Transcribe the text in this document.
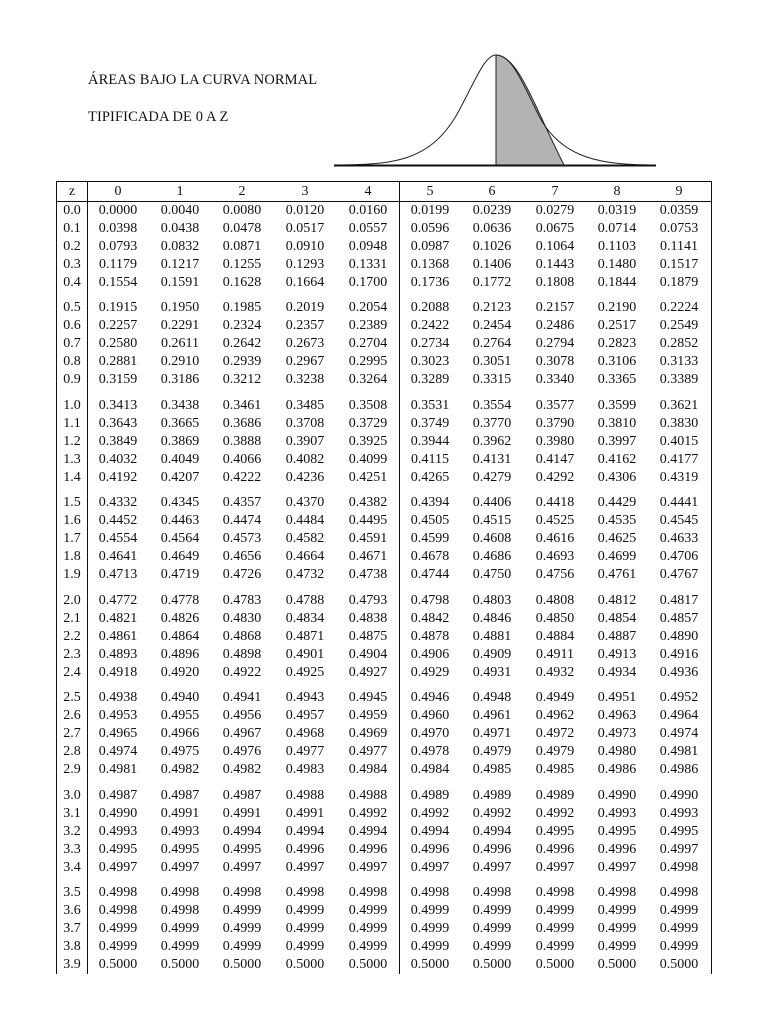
ÁREAS BAJO LA CURVA NORMAL
TIPIFICADA DE 0 A Z
z	0	1	2	3	4	5	6	7	8	9
0.0	0.0000	0.0040	0.0080	0.0120	0.0160	0.0199	0.0239	0.0279	0.0319	0.0359
0.1	0.0398	0.0438	0.0478	0.0517	0.0557	0.0596	0.0636	0.0675	0.0714	0.0753
0.2	0.0793	0.0832	0.0871	0.0910	0.0948	0.0987	0.1026	0.1064	0.1103	0.1141
0.3	0.1179	0.1217	0.1255	0.1293	0.1331	0.1368	0.1406	0.1443	0.1480	0.1517
0.4	0.1554	0.1591	0.1628	0.1664	0.1700	0.1736	0.1772	0.1808	0.1844	0.1879
0.5	0.1915	0.1950	0.1985	0.2019	0.2054	0.2088	0.2123	0.2157	0.2190	0.2224
0.6	0.2257	0.2291	0.2324	0.2357	0.2389	0.2422	0.2454	0.2486	0.2517	0.2549
0.7	0.2580	0.2611	0.2642	0.2673	0.2704	0.2734	0.2764	0.2794	0.2823	0.2852
0.8	0.2881	0.2910	0.2939	0.2967	0.2995	0.3023	0.3051	0.3078	0.3106	0.3133
0.9	0.3159	0.3186	0.3212	0.3238	0.3264	0.3289	0.3315	0.3340	0.3365	0.3389
1.0	0.3413	0.3438	0.3461	0.3485	0.3508	0.3531	0.3554	0.3577	0.3599	0.3621
1.1	0.3643	0.3665	0.3686	0.3708	0.3729	0.3749	0.3770	0.3790	0.3810	0.3830
1.2	0.3849	0.3869	0.3888	0.3907	0.3925	0.3944	0.3962	0.3980	0.3997	0.4015
1.3	0.4032	0.4049	0.4066	0.4082	0.4099	0.4115	0.4131	0.4147	0.4162	0.4177
1.4	0.4192	0.4207	0.4222	0.4236	0.4251	0.4265	0.4279	0.4292	0.4306	0.4319
1.5	0.4332	0.4345	0.4357	0.4370	0.4382	0.4394	0.4406	0.4418	0.4429	0.4441
1.6	0.4452	0.4463	0.4474	0.4484	0.4495	0.4505	0.4515	0.4525	0.4535	0.4545
1.7	0.4554	0.4564	0.4573	0.4582	0.4591	0.4599	0.4608	0.4616	0.4625	0.4633
1.8	0.4641	0.4649	0.4656	0.4664	0.4671	0.4678	0.4686	0.4693	0.4699	0.4706
1.9	0.4713	0.4719	0.4726	0.4732	0.4738	0.4744	0.4750	0.4756	0.4761	0.4767
2.0	0.4772	0.4778	0.4783	0.4788	0.4793	0.4798	0.4803	0.4808	0.4812	0.4817
2.1	0.4821	0.4826	0.4830	0.4834	0.4838	0.4842	0.4846	0.4850	0.4854	0.4857
2.2	0.4861	0.4864	0.4868	0.4871	0.4875	0.4878	0.4881	0.4884	0.4887	0.4890
2.3	0.4893	0.4896	0.4898	0.4901	0.4904	0.4906	0.4909	0.4911	0.4913	0.4916
2.4	0.4918	0.4920	0.4922	0.4925	0.4927	0.4929	0.4931	0.4932	0.4934	0.4936
2.5	0.4938	0.4940	0.4941	0.4943	0.4945	0.4946	0.4948	0.4949	0.4951	0.4952
2.6	0.4953	0.4955	0.4956	0.4957	0.4959	0.4960	0.4961	0.4962	0.4963	0.4964
2.7	0.4965	0.4966	0.4967	0.4968	0.4969	0.4970	0.4971	0.4972	0.4973	0.4974
2.8	0.4974	0.4975	0.4976	0.4977	0.4977	0.4978	0.4979	0.4979	0.4980	0.4981
2.9	0.4981	0.4982	0.4982	0.4983	0.4984	0.4984	0.4985	0.4985	0.4986	0.4986
3.0	0.4987	0.4987	0.4987	0.4988	0.4988	0.4989	0.4989	0.4989	0.4990	0.4990
3.1	0.4990	0.4991	0.4991	0.4991	0.4992	0.4992	0.4992	0.4992	0.4993	0.4993
3.2	0.4993	0.4993	0.4994	0.4994	0.4994	0.4994	0.4994	0.4995	0.4995	0.4995
3.3	0.4995	0.4995	0.4995	0.4996	0.4996	0.4996	0.4996	0.4996	0.4996	0.4997
3.4	0.4997	0.4997	0.4997	0.4997	0.4997	0.4997	0.4997	0.4997	0.4997	0.4998
3.5	0.4998	0.4998	0.4998	0.4998	0.4998	0.4998	0.4998	0.4998	0.4998	0.4998
3.6	0.4998	0.4998	0.4999	0.4999	0.4999	0.4999	0.4999	0.4999	0.4999	0.4999
3.7	0.4999	0.4999	0.4999	0.4999	0.4999	0.4999	0.4999	0.4999	0.4999	0.4999
3.8	0.4999	0.4999	0.4999	0.4999	0.4999	0.4999	0.4999	0.4999	0.4999	0.4999
3.9	0.5000	0.5000	0.5000	0.5000	0.5000	0.5000	0.5000	0.5000	0.5000	0.5000
